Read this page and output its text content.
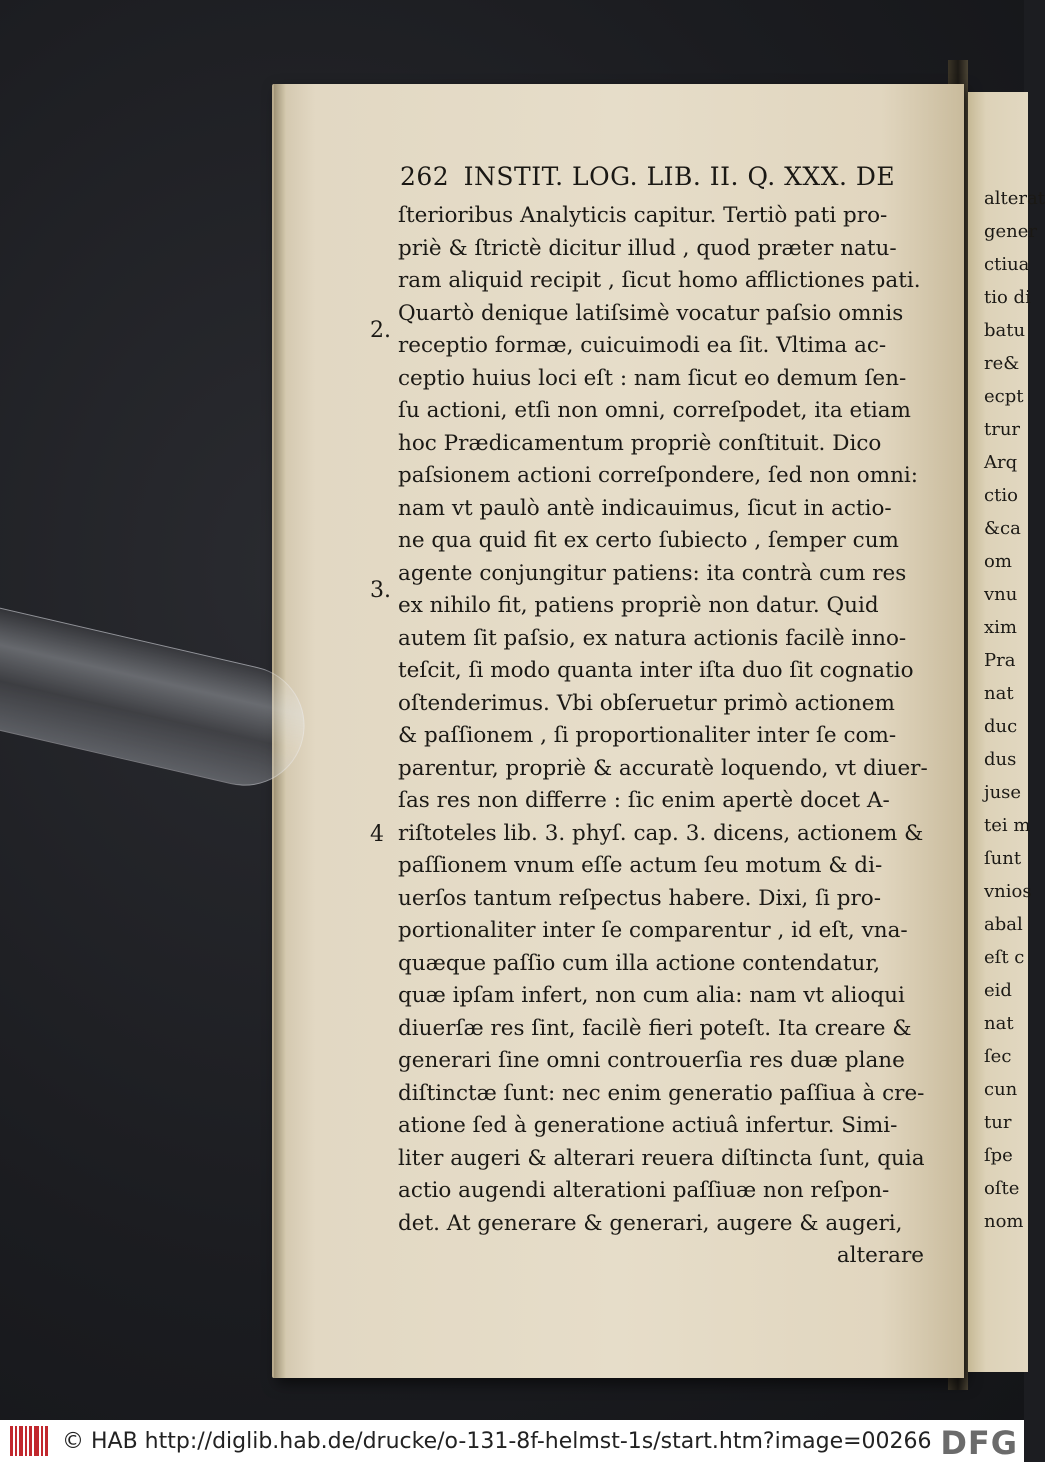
262 INSTIT. LOG. LIB. II. Q. XXX. DE
2.
3.
4
ſterioribus Analyticis capitur. Tertiò pati pro-
priè & ſtrictè dicitur illud , quod præter natu-
ram aliquid recipit , ſicut homo afflictiones pati.
Quartò denique latiſsimè vocatur paſsio omnis
receptio formæ, cuicuimodi ea ſit. Vltima ac-
ceptio huius loci eſt : nam ſicut eo demum ſen-
ſu actioni, etſi non omni, correſpodet, ita etiam
hoc Prædicamentum propriè conſtituit. Dico
paſsionem actioni correſpondere, ſed non omni:
nam vt paulò antè indicauimus, ſicut in actio-
ne qua quid fit ex certo ſubiecto , ſemper cum
agente conjungitur patiens: ita contrà cum res
ex nihilo fit, patiens propriè non datur. Quid
autem ſit paſsio, ex natura actionis facilè inno-
teſcit, ſi modo quanta inter iſta duo ſit cognatio
oſtenderimus. Vbi obſeruetur primò actionem
& paſſionem , ſi proportionaliter inter ſe com-
parentur, propriè & accuratè loquendo, vt diuer-
ſas res non differre : ſic enim apertè docet A-
riſtoteles lib. 3. phyſ. cap. 3. dicens, actionem &
paſſionem vnum eſſe actum ſeu motum & di-
uerſos tantum reſpectus habere. Dixi, ſi pro-
portionaliter inter ſe comparentur , id eſt, vna-
quæque paſſio cum illa actione contendatur,
quæ ipſam infert, non cum alia: nam vt alioqui
diuerſæ res ſint, facilè fieri poteſt. Ita creare &
generari ſine omni controuerſia res duæ plane
diſtinctæ ſunt: nec enim generatio paſſiua à cre-
atione ſed à generatione actiuâ infertur. Simi-
liter augeri & alterari reuera diſtincta ſunt, quia
actio augendi alterationi paſſiuæ non reſpon-
det. At generare & generari, augere & augeri,
alterare
alterat
gener
ctiua
tio di
batu
re&
ecpt
trur
Arq
ctio
&ca
om
vnu
xim
Pra
nat
duc
dus
juse
tei m
ſunt
vnios
abal
eſt c
eid
nat
ſec
cun
tur
ſpe
oſte
nom
© HAB http://diglib.hab.de/drucke/o-131-8f-helmst-1s/start.htm?image=00266 DFG
